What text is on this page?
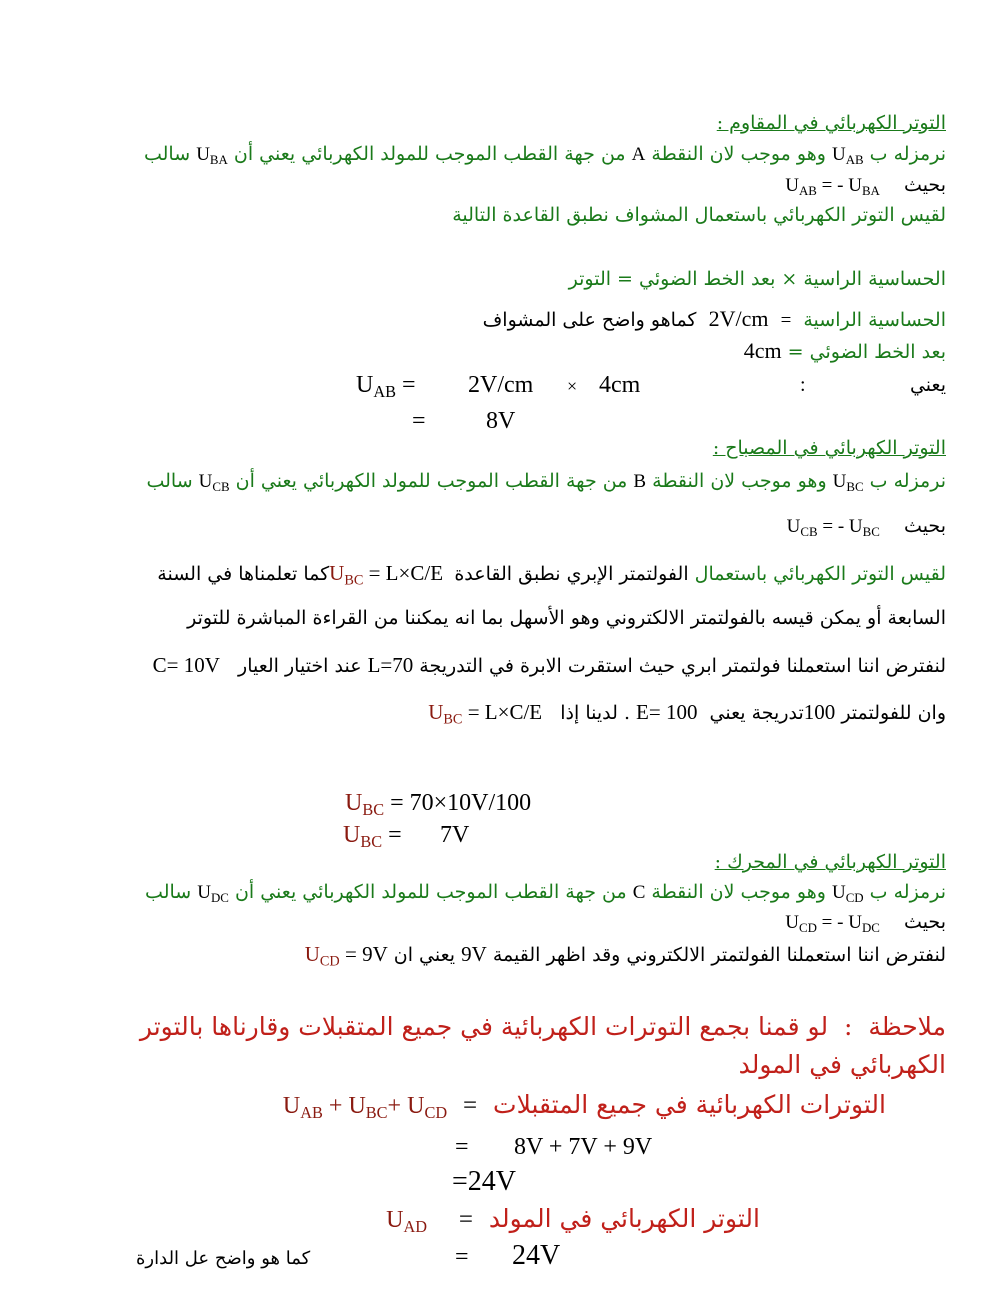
التوتر الكهربائي في المقاوم :
نرمزله ب $U_{AB}$ وهو موجب لان النقطة A من جهة القطب الموجب للمولد الكهربائي يعني أن $U_{BA}$ سالب
بحيث    $U_{AB}$ = - $U_{BA}$
لقيس التوتر الكهربائي باستعمال المشواف نطبق القاعدة التالية
الحساسية الراسية × بعد الخط الضوئي = التوتر
الحساسية الراسية  =  2V/cm  كماهو واضح على المشواف
بعد الخط الضوئي = 4cm
يعني
:
$U_{AB} = 2V/cm \times 4cm$
=	8V
التوتر الكهربائي في المصباح :
نرمزله ب $U_{BC}$ وهو موجب لان النقطة B من جهة القطب الموجب للمولد الكهربائي يعني أن $U_{CB}$ سالب
بحيث    $U_{CB}$ = - $U_{BC}$
لقيس التوتر الكهربائي باستعمال الفولتمتر الإبري نطبق القاعدة $U_{BC} = L\times C/E$ كما تعلمناها في السنة
السابعة أو يمكن قيسه بالفولتمتر الالكتروني وهو الأسهل بما انه يمكننا من القراءة المباشرة للتوتر
لنفترض اننا استعملنا فولتمتر ابري حيث استقرت الابرة في التدريجة L=70 عند اختيار العيار   C= 10V
وان للفولتمتر 100تدريجة يعني  E= 100 . لدينا إذا   $U_{BC} = L\times C/E$
$U_{BC} = 70\times 10V/100$
$U_{BC} = 7V$
التوتر الكهربائي في المحرك :
نرمزله ب $U_{CD}$ وهو موجب لان النقطة C من جهة القطب الموجب للمولد الكهربائي يعني أن $U_{DC}$ سالب
بحيث    $U_{CD}$ = - $U_{DC}$
لنفترض اننا استعملنا الفولتمتر الالكتروني وقد اظهر القيمة 9V يعني ان $9V = U_{CD}$
ملاحظة  :  لو قمنا بجمع التوترات الكهربائية في جميع المتقبلات وقارناها بالتوتر
الكهربائي في المولد
التوترات الكهربائية في جميع المتقبلات  =  $U_{AB} + U_{BC}+ U_{CD}$
= 8V + 7V + 9V
=24V
التوتر الكهربائي في المولد  =    $U_{AD}$
= 24V
كما هو واضح عل الدارة
